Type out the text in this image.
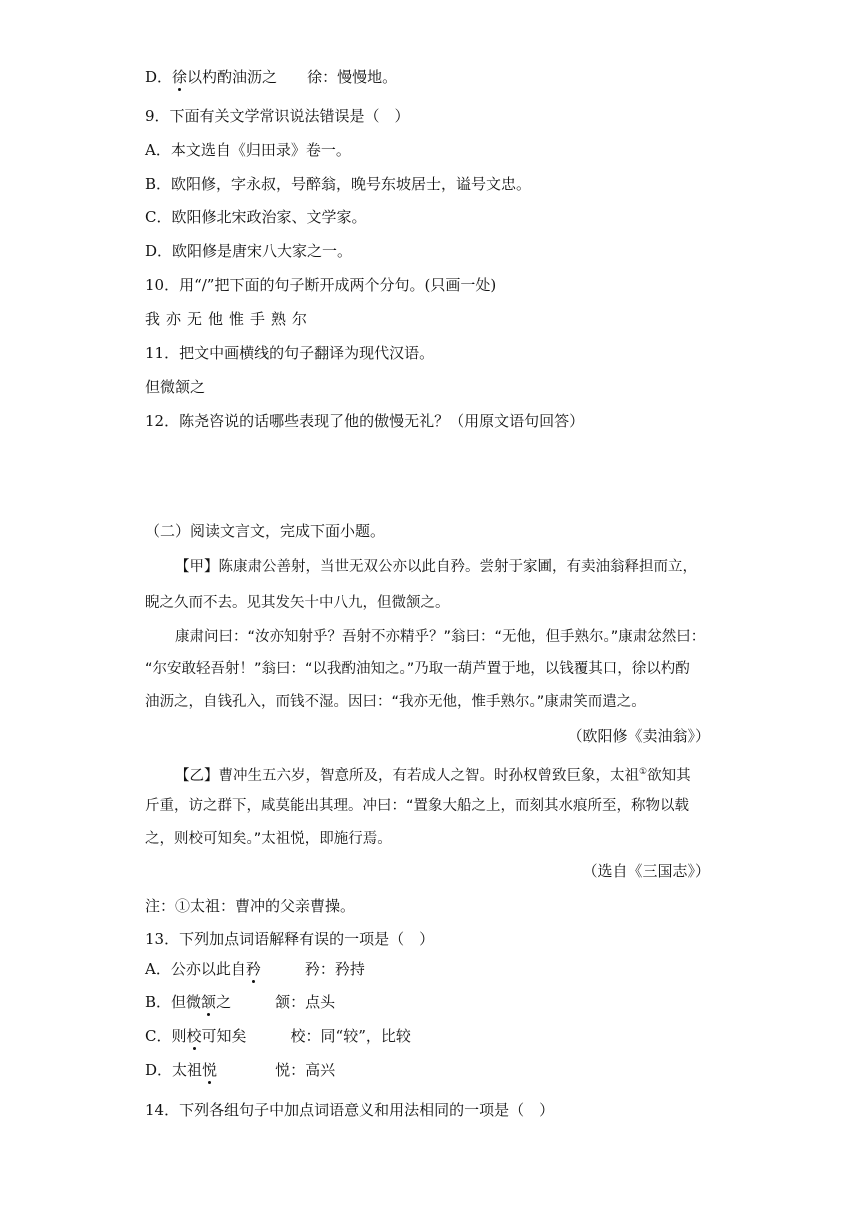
D．徐以杓酌油沥之 徐：慢慢地。
9．下面有关文学常识说法错误是（　）
A．本文选自《归田录》卷一。
B．欧阳修，字永叔，号醉翁，晚号东坡居士，谥号文忠。
C．欧阳修北宋政治家、文学家。
D．欧阳修是唐宋八大家之一。
10．用“/”把下面的句子断开成两个分句。(只画一处)
我亦无他惟手熟尔
11．把文中画横线的句子翻译为现代汉语。
但微颔之
12．陈尧咨说的话哪些表现了他的傲慢无礼？（用原文语句回答）
（二）阅读文言文，完成下面小题。
【甲】陈康肃公善射，当世无双公亦以此自矜。尝射于家圃，有卖油翁释担而立，
睨之久而不去。见其发矢十中八九，但微颔之。
康肃问曰：“汝亦知射乎？吾射不亦精乎？”翁曰：“无他，但手熟尔。”康肃忿然曰：
“尔安敢轻吾射！”翁曰：“以我酌油知之。”乃取一葫芦置于地，以钱覆其口，徐以杓酌
油沥之，自钱孔入，而钱不湿。因曰：“我亦无他，惟手熟尔。”康肃笑而遣之。
（欧阳修《卖油翁》）
【乙】曹冲生五六岁，智意所及，有若成人之智。时孙权曾致巨象，太祖①欲知其
斤重，访之群下，咸莫能出其理。冲曰：“置象大船之上，而刻其水痕所至，称物以载
之，则校可知矣。”太祖悦，即施行焉。
（选自《三国志》）
注：①太祖：曹冲的父亲曹操。
13．下列加点词语解释有误的一项是（　）
A．公亦以此自矜	矜：矜持
B．但微颔之	颔：点头
C．则校可知矣	校：同“较”，比较
D．太祖悦	悦：高兴
14．下列各组句子中加点词语意义和用法相同的一项是（　）
